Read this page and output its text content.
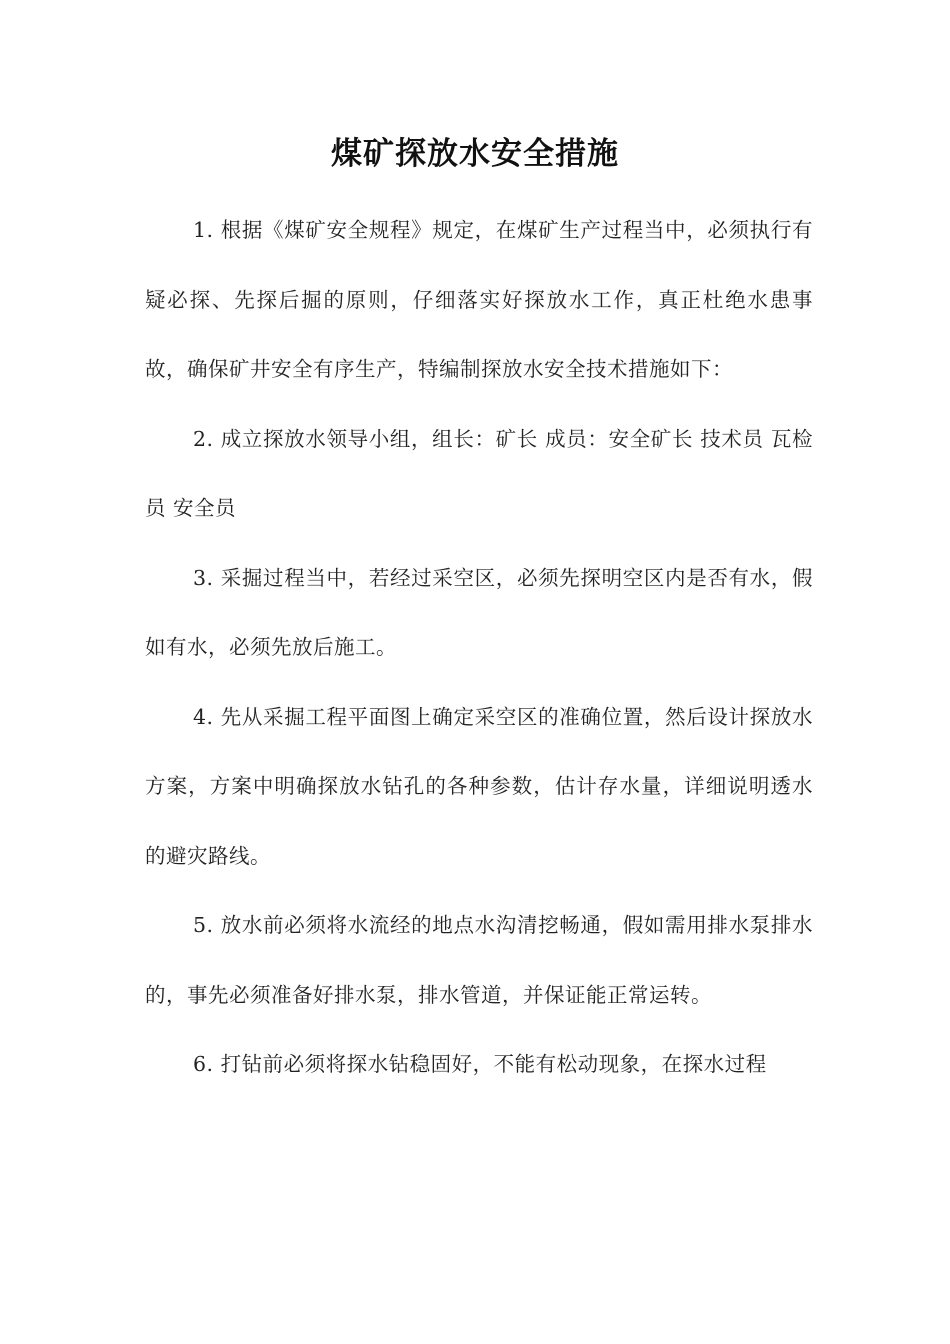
煤矿探放水安全措施

1. 根据《煤矿安全规程》规定，在煤矿生产过程当中，必须执行有疑必探、先探后掘的原则，仔细落实好探放水工作，真正杜绝水患事故，确保矿井安全有序生产，特编制探放水安全技术措施如下：

2. 成立探放水领导小组，组长：矿长 成员：安全矿长 技术员 瓦检员 安全员

3. 采掘过程当中，若经过采空区，必须先探明空区内是否有水，假如有水，必须先放后施工。

4. 先从采掘工程平面图上确定采空区的准确位置，然后设计探放水方案，方案中明确探放水钻孔的各种参数，估计存水量，详细说明透水的避灾路线。

5. 放水前必须将水流经的地点水沟清挖畅通，假如需用排水泵排水的，事先必须准备好排水泵，排水管道，并保证能正常运转。

6. 打钻前必须将探水钻稳固好，不能有松动现象，在探水过程
